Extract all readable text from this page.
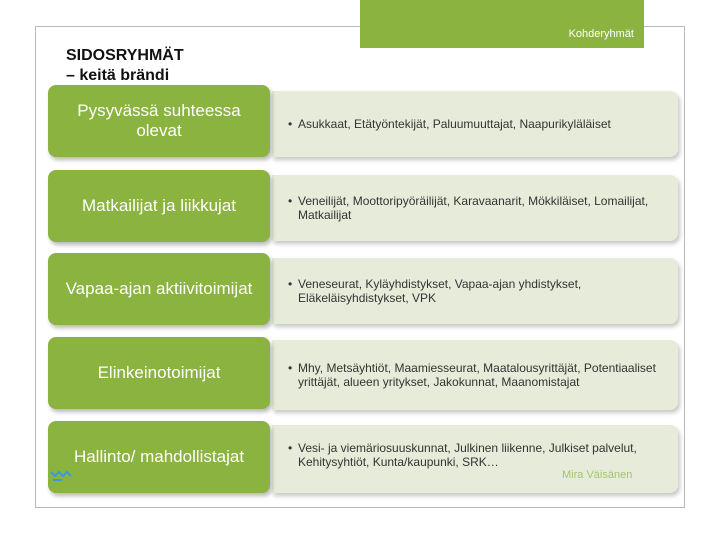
Kohderyhmät
SIDOSRYHMÄT
– keitä brändi
• Asukkaat, Etätyöntekijät, Paluumuuttajat, Naapurikyläläiset
Pysyvässä suhteessa olevat
• Veneilijät, Moottoripyöräilijät, Karavaanarit, Mökkiläiset, Lomailijat, Matkailijat
Matkailijat ja liikkujat
• Veneseurat, Kyläyhdistykset, Vapaa-ajan yhdistykset, Eläkeläisyhdistykset, VPK
Vapaa-ajan aktiivitoimijat
• Mhy, Metsäyhtiöt, Maamiesseurat, Maatalousyrittäjät, Potentiaaliset yrittäjät, alueen yritykset, Jakokunnat, Maanomistajat
Elinkeinotoimijat
• Vesi- ja viemäriosuuskunnat, Julkinen liikenne, Julkiset palvelut, Kehitysyhtiöt, Kunta/kaupunki, SRK…
Hallinto/ mahdollistajat
Mira Väisänen
